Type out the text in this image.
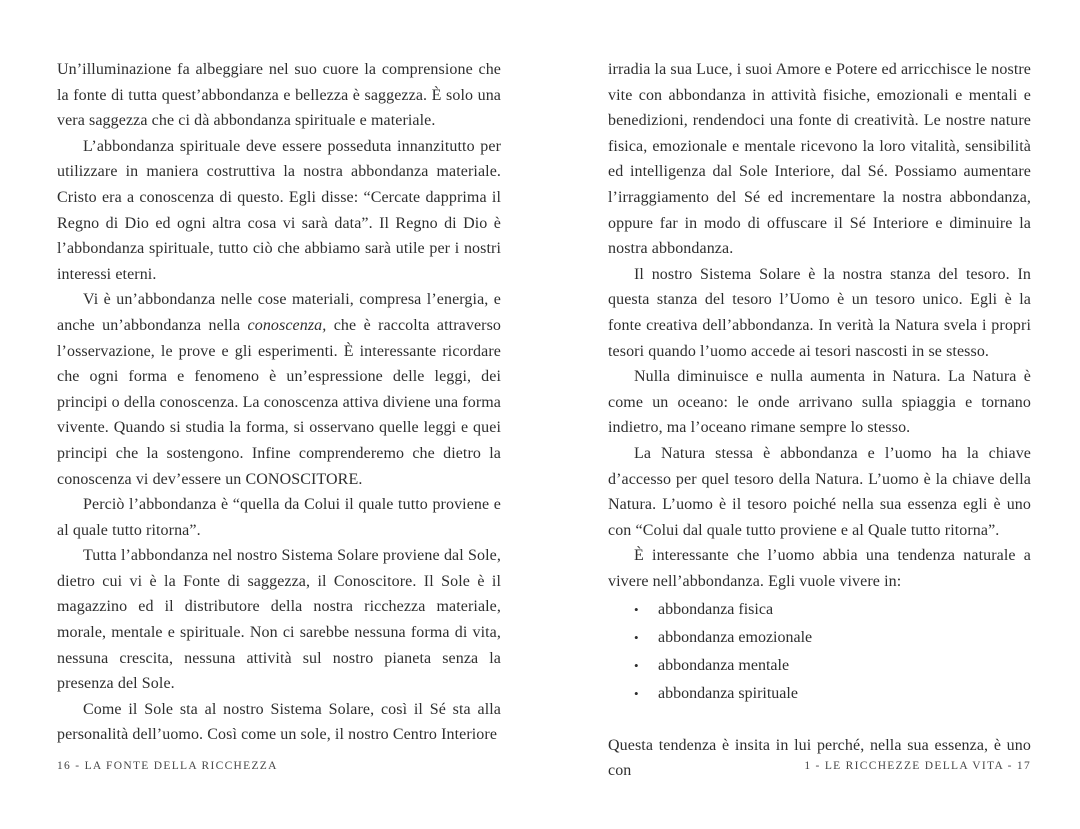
Un’illuminazione fa albeggiare nel suo cuore la comprensione che la fonte di tutta quest’abbondanza e bellezza è saggezza. È solo una vera saggezza che ci dà abbondanza spirituale e materiale.

L’abbondanza spirituale deve essere posseduta innanzitutto per utilizzare in maniera costruttiva la nostra abbondanza materiale. Cristo era a conoscenza di questo. Egli disse: “Cercate dapprima il Regno di Dio ed ogni altra cosa vi sarà data”. Il Regno di Dio è l’abbondanza spirituale, tutto ciò che abbiamo sarà utile per i nostri interessi eterni.

Vi è un’abbondanza nelle cose materiali, compresa l’energia, e anche un’abbondanza nella conoscenza, che è raccolta attraverso l’osservazione, le prove e gli esperimenti. È interessante ricordare che ogni forma e fenomeno è un’espressione delle leggi, dei principi o della conoscenza. La conoscenza attiva diviene una forma vivente. Quando si studia la forma, si osservano quelle leggi e quei principi che la sostengono. Infine comprenderemo che dietro la conoscenza vi dev’essere un CONOSCITORE.

Perciò l’abbondanza è “quella da Colui il quale tutto proviene e al quale tutto ritorna”.

Tutta l’abbondanza nel nostro Sistema Solare proviene dal Sole, dietro cui vi è la Fonte di saggezza, il Conoscitore. Il Sole è il magazzino ed il distributore della nostra ricchezza materiale, morale, mentale e spirituale. Non ci sarebbe nessuna forma di vita, nessuna crescita, nessuna attività sul nostro pianeta senza la presenza del Sole.

Come il Sole sta al nostro Sistema Solare, così il Sé sta alla personalità dell’uomo. Così come un sole, il nostro Centro Interiore

16 - LA FONTE DELLA RICCHEZZA

irradia la sua Luce, i suoi Amore e Potere ed arricchisce le nostre vite con abbondanza in attività fisiche, emozionali e mentali e benedizioni, rendendoci una fonte di creatività. Le nostre nature fisica, emozionale e mentale ricevono la loro vitalità, sensibilità ed intelligenza dal Sole Interiore, dal Sé. Possiamo aumentare l’irraggiamento del Sé ed incrementare la nostra abbondanza, oppure far in modo di offuscare il Sé Interiore e diminuire la nostra abbondanza.

Il nostro Sistema Solare è la nostra stanza del tesoro. In questa stanza del tesoro l’Uomo è un tesoro unico. Egli è la fonte creativa dell’abbondanza. In verità la Natura svela i propri tesori quando l’uomo accede ai tesori nascosti in se stesso.

Nulla diminuisce e nulla aumenta in Natura. La Natura è come un oceano: le onde arrivano sulla spiaggia e tornano indietro, ma l’oceano rimane sempre lo stesso.

La Natura stessa è abbondanza e l’uomo ha la chiave d’accesso per quel tesoro della Natura. L’uomo è la chiave della Natura. L’uomo è il tesoro poiché nella sua essenza egli è uno con “Colui dal quale tutto proviene e al Quale tutto ritorna”.

È interessante che l’uomo abbia una tendenza naturale a vivere nell’abbondanza. Egli vuole vivere in:

•	abbondanza fisica
•	abbondanza emozionale
•	abbondanza mentale
•	abbondanza spirituale

Questa tendenza è insita in lui perché, nella sua essenza, è uno con	1 - LE RICCHEZZE DELLA VITA - 17
